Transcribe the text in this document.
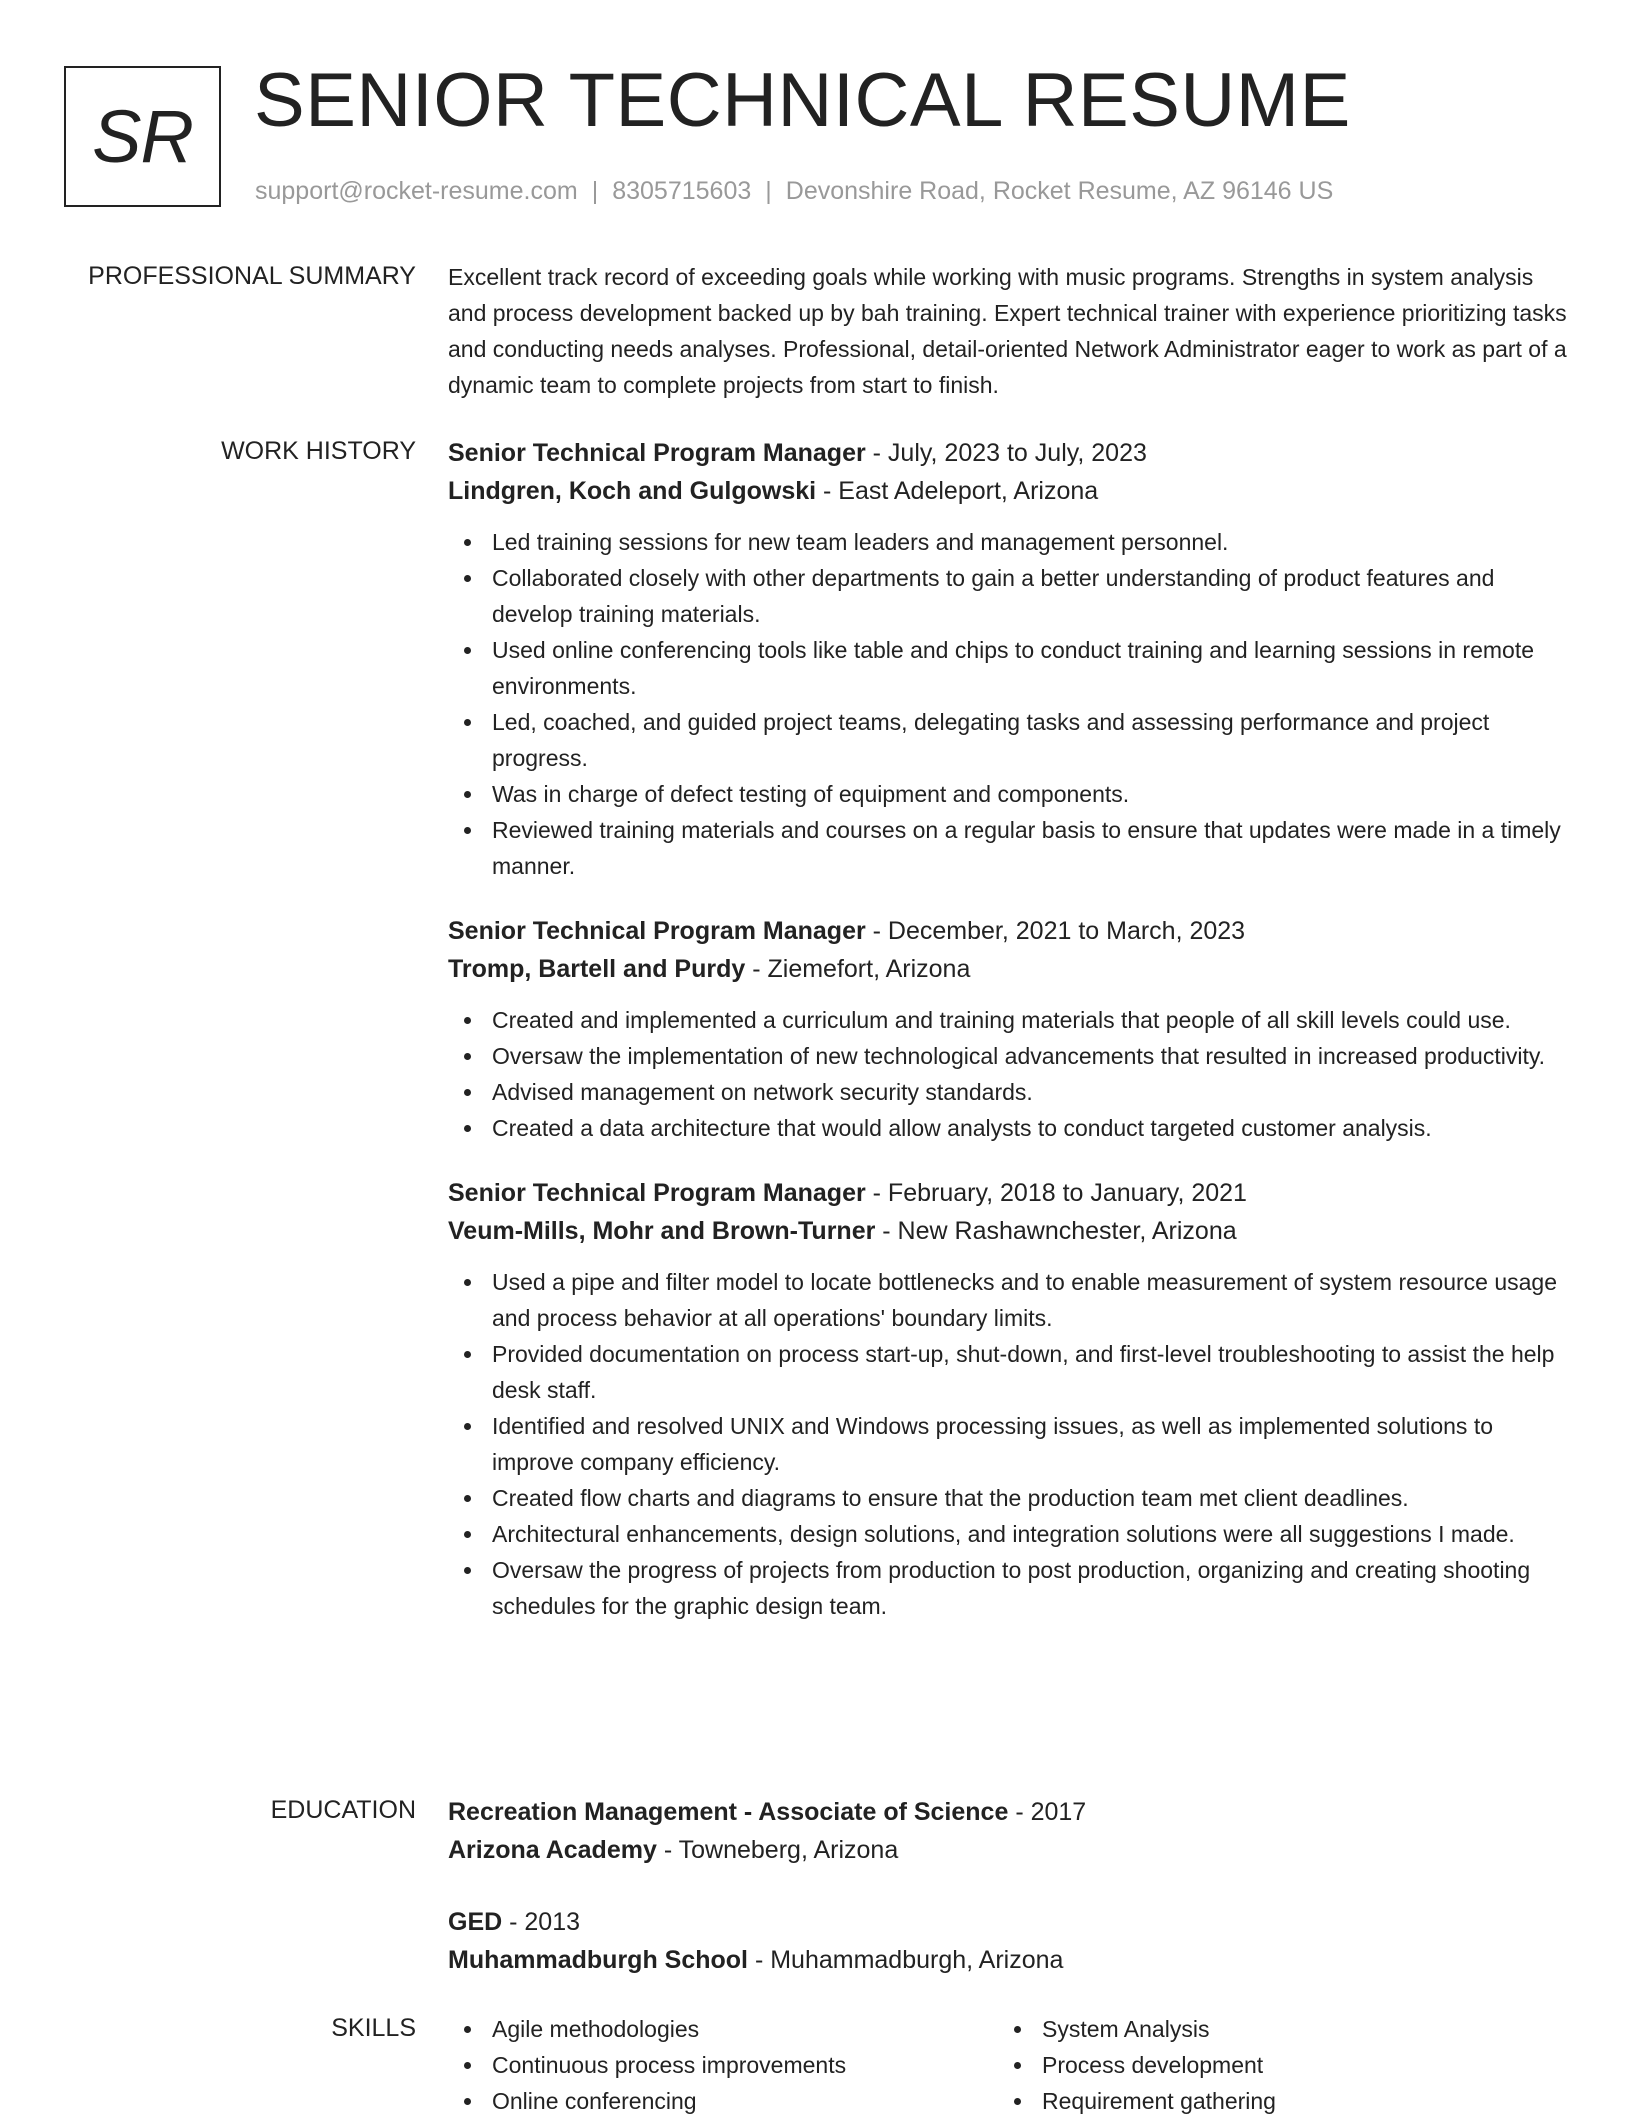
SR SENIOR TECHNICAL RESUME
support@rocket-resume.com | 8305715603 | Devonshire Road, Rocket Resume, AZ 96146 US
PROFESSIONAL SUMMARY Excellent track record of exceeding goals while working with music programs. Strengths in system analysis and process development backed up by bah training. Expert technical trainer with experience prioritizing tasks and conducting needs analyses. Professional, detail-oriented Network Administrator eager to work as part of a dynamic team to complete projects from start to finish.

WORK HISTORY Senior Technical Program Manager - July, 2023 to July, 2023
Lindgren, Koch and Gulgowski - East Adeleport, Arizona
Led training sessions for new team leaders and management personnel.
Collaborated closely with other departments to gain a better understanding of product features and develop training materials.
Used online conferencing tools like table and chips to conduct training and learning sessions in remote environments.
Led, coached, and guided project teams, delegating tasks and assessing performance and project progress.
Was in charge of defect testing of equipment and components.
Reviewed training materials and courses on a regular basis to ensure that updates were made in a timely manner.
Senior Technical Program Manager - December, 2021 to March, 2023
Tromp, Bartell and Purdy - Ziemefort, Arizona
Created and implemented a curriculum and training materials that people of all skill levels could use.
Oversaw the implementation of new technological advancements that resulted in increased productivity.
Advised management on network security standards.
Created a data architecture that would allow analysts to conduct targeted customer analysis.
Senior Technical Program Manager - February, 2018 to January, 2021
Veum-Mills, Mohr and Brown-Turner - New Rashawnchester, Arizona
Used a pipe and filter model to locate bottlenecks and to enable measurement of system resource usage and process behavior at all operations' boundary limits.
Provided documentation on process start-up, shut-down, and first-level troubleshooting to assist the help desk staff.
Identified and resolved UNIX and Windows processing issues, as well as implemented solutions to improve company efficiency.
Created flow charts and diagrams to ensure that the production team met client deadlines.
Architectural enhancements, design solutions, and integration solutions were all suggestions I made.
Oversaw the progress of projects from production to post production, organizing and creating shooting schedules for the graphic design team.
EDUCATION Recreation Management - Associate of Science - 2017
Arizona Academy - Towneberg, Arizona
GED - 2013
Muhammadburgh School - Muhammadburgh, Arizona
SKILLS	Agile methodologies
Continuous process improvements
Online conferencing
System Analysis
Process development
Requirement gathering
